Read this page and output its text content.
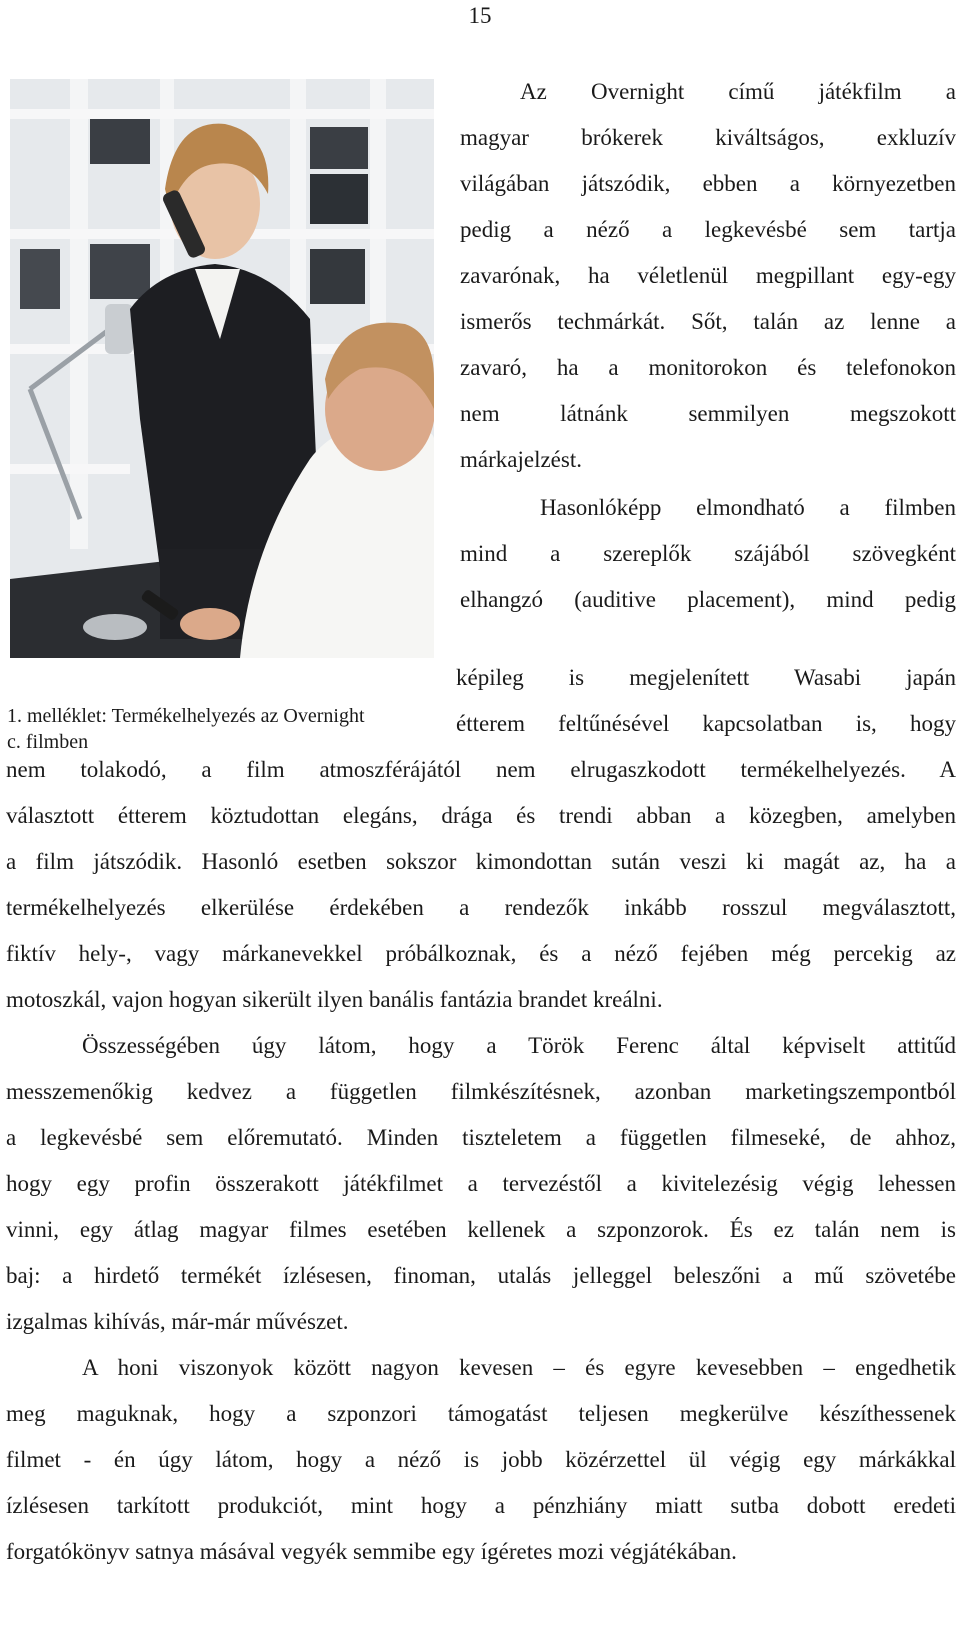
15
1. melléklet: Termékelhelyezés az Overnight
c. filmben
Az Overnight című játékfilm a
magyar brókerek kiváltságos, exkluzív
világában játszódik, ebben a környezetben
pedig a néző a legkevésbé sem tartja
zavarónak, ha véletlenül megpillant egy-egy
ismerős techmárkát. Sőt, talán az lenne a
zavaró, ha a monitorokon és telefonokon
nem látnánk semmilyen megszokott
márkajelzést.
Hasonlóképp elmondható a filmben
mind a szereplők szájából szövegként
elhangzó (auditive placement), mind pedig
képileg is megjelenített Wasabi japán
étterem feltűnésével kapcsolatban is, hogy
nem tolakodó, a film atmoszférájától nem elrugaszkodott termékelhelyezés. A
választott étterem köztudottan elegáns, drága és trendi abban a közegben, amelyben
a film játszódik. Hasonló esetben sokszor kimondottan sután veszi ki magát az, ha a
termékelhelyezés elkerülése érdekében a rendezők inkább rosszul megválasztott,
fiktív hely-, vagy márkanevekkel próbálkoznak, és a néző fejében még percekig az
motoszkál, vajon hogyan sikerült ilyen banális fantázia brandet kreálni.
Összességében úgy látom, hogy a Török Ferenc által képviselt attitűd
messzemenőkig kedvez a független filmkészítésnek, azonban marketingszempontból
a legkevésbé sem előremutató. Minden tiszteletem a független filmeseké, de ahhoz,
hogy egy profin összerakott játékfilmet a tervezéstől a kivitelezésig végig lehessen
vinni, egy átlag magyar filmes esetében kellenek a szponzorok. És ez talán nem is
baj: a hirdető termékét ízlésesen, finoman, utalás jelleggel beleszőni a mű szövetébe
izgalmas kihívás, már-már művészet.
A honi viszonyok között nagyon kevesen – és egyre kevesebben – engedhetik
meg maguknak, hogy a szponzori támogatást teljesen megkerülve készíthessenek
filmet - én úgy látom, hogy a néző is jobb közérzettel ül végig egy márkákkal
ízlésesen tarkított produkciót, mint hogy a pénzhiány miatt sutba dobott eredeti
forgatókönyv satnya másával vegyék semmibe egy ígéretes mozi végjátékában.
